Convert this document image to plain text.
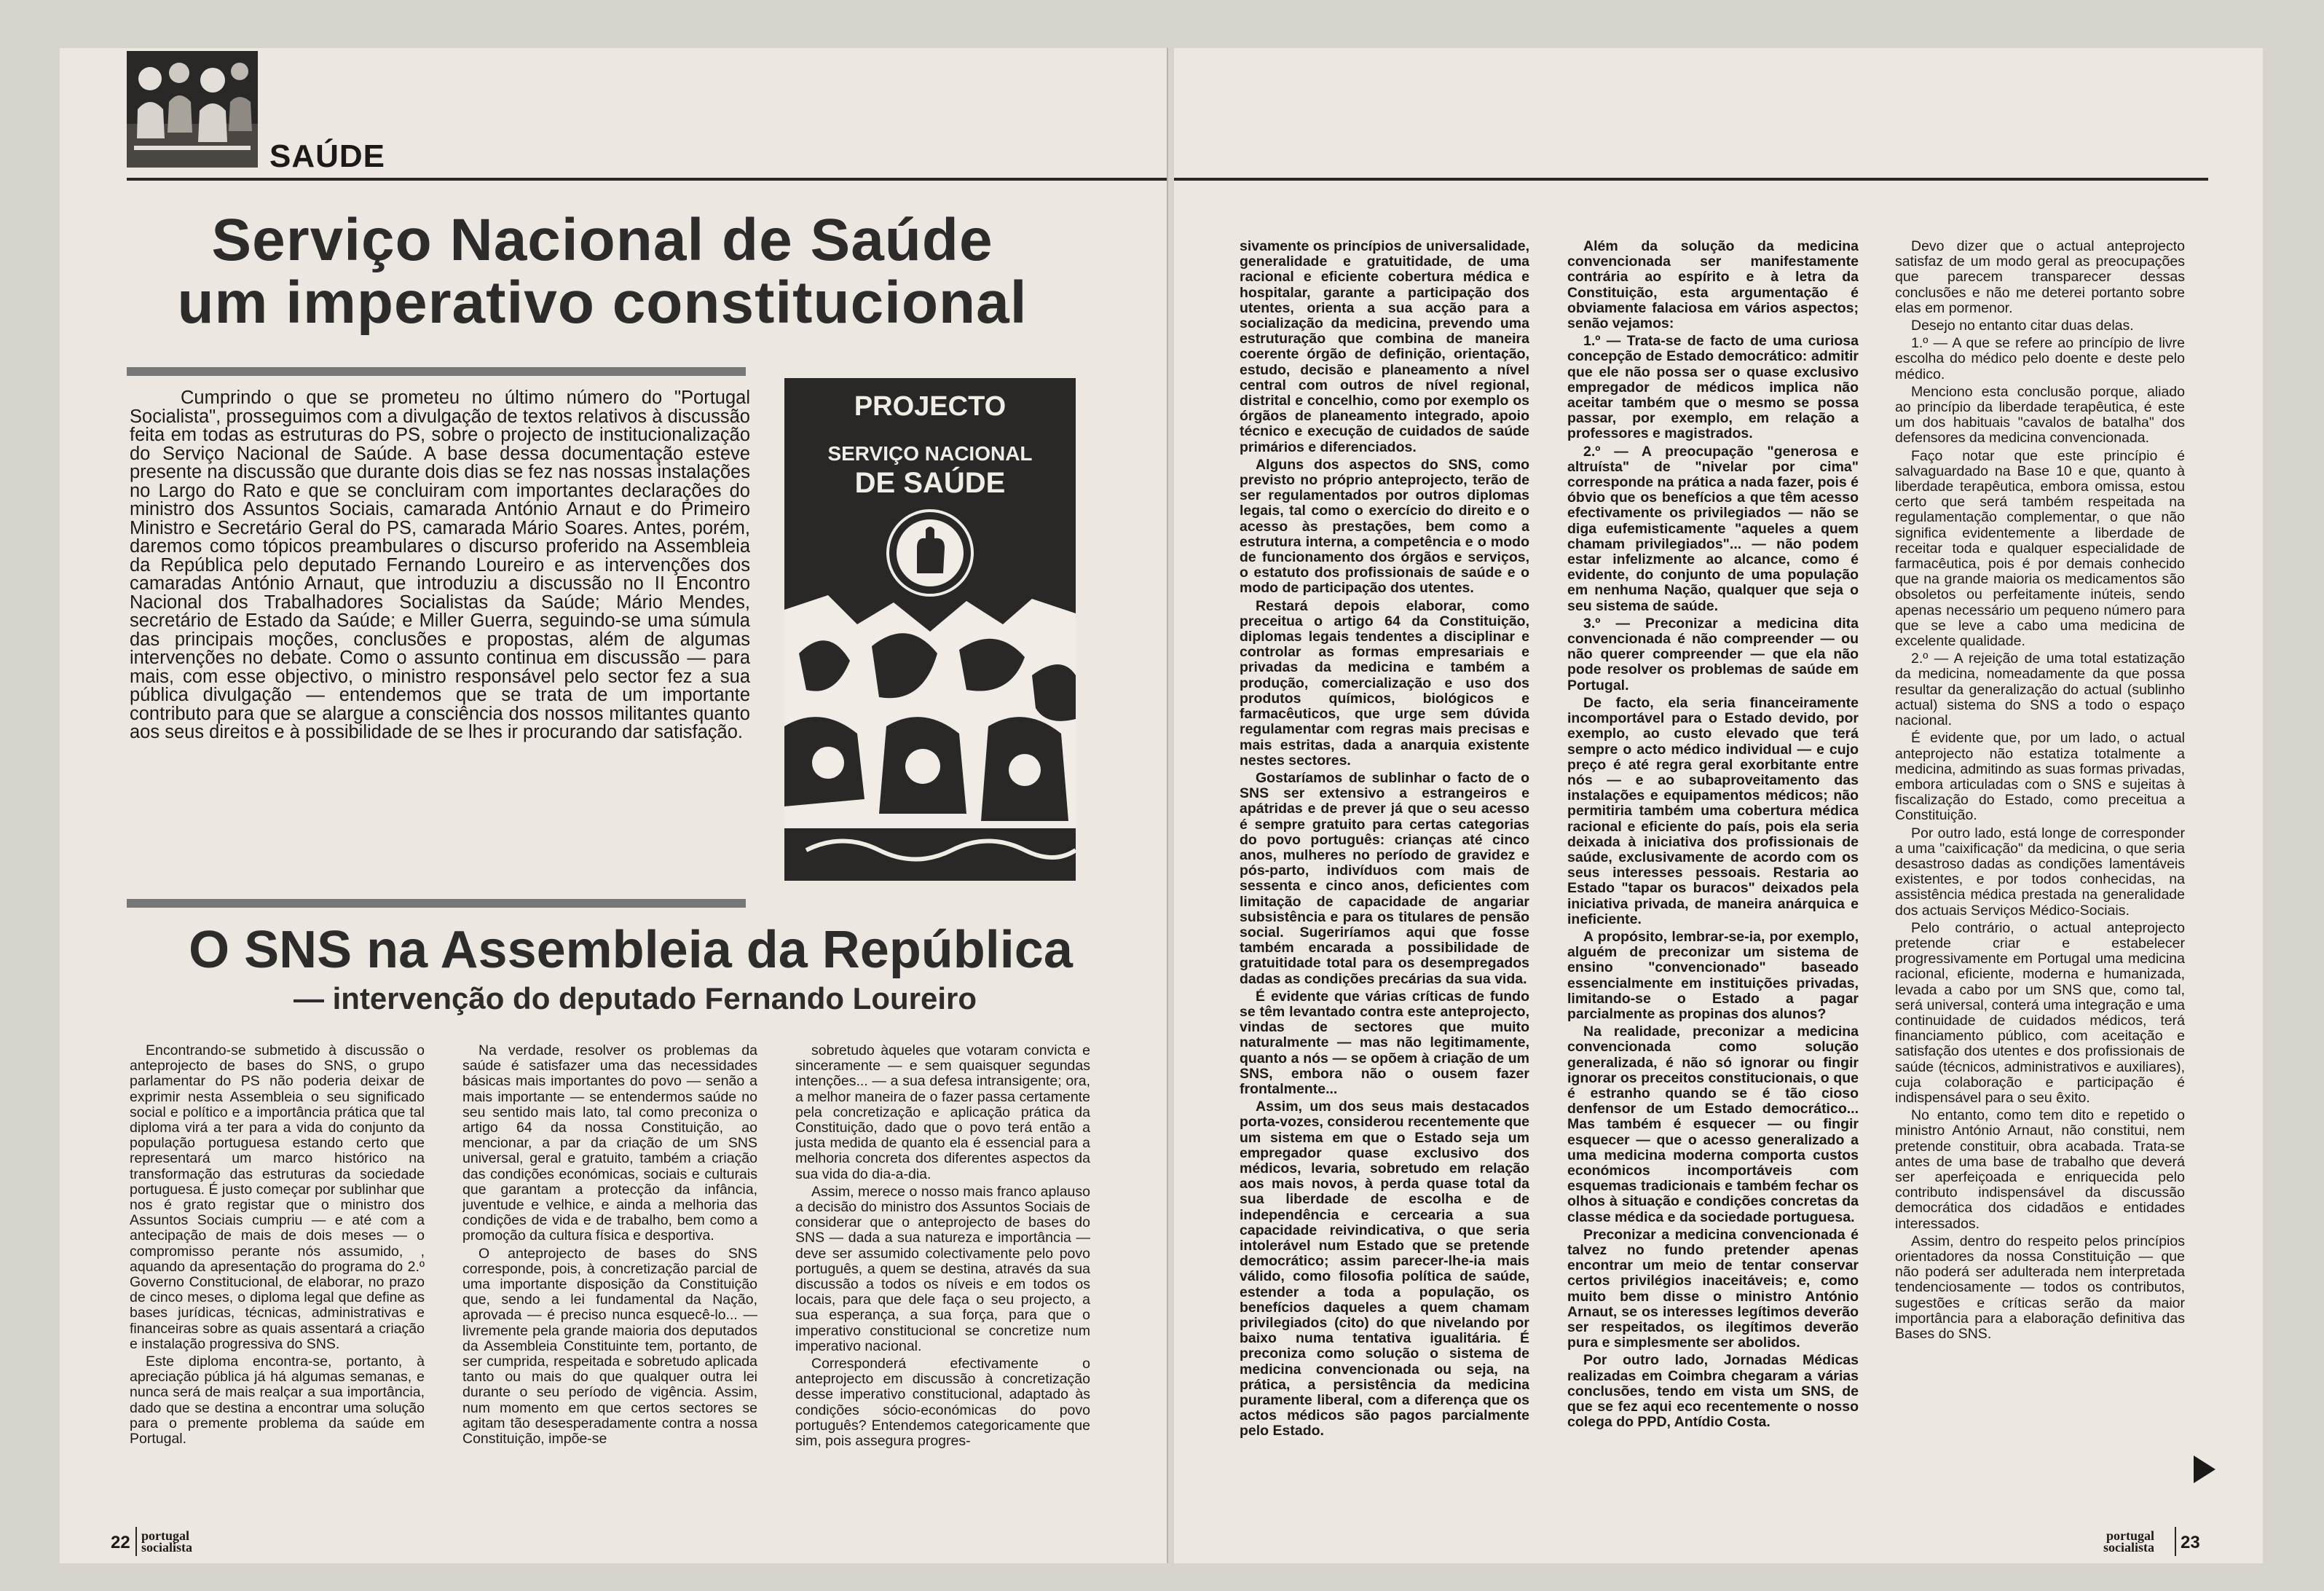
SAÚDE
Serviço Nacional de Saúde
um imperativo constitucional
Cumprindo o que se prometeu no último número do "Portugal Socialista", prosseguimos com a divulgação de textos relativos à discussão feita em todas as estruturas do PS, sobre o projecto de institucionalização do Serviço Nacional de Saúde. A base dessa documentação esteve presente na discussão que durante dois dias se fez nas nossas instalações no Largo do Rato e que se concluiram com importantes declarações do ministro dos Assuntos Sociais, camarada António Arnaut e do Primeiro Ministro e Secretário Geral do PS, camarada Mário Soares. Antes, porém, daremos como tópicos preambulares o discurso proferido na Assembleia da República pelo deputado Fernando Loureiro e as intervenções dos camaradas António Arnaut, que introduziu a discussão no II Encontro Nacional dos Trabalhadores Socialistas da Saúde; Mário Mendes, secretário de Estado da Saúde; e Miller Guerra, seguindo-se uma súmula das principais moções, conclusões e propostas, além de algumas intervenções no debate. Como o assunto continua em discussão — para mais, com esse objectivo, o ministro responsável pelo sector fez a sua pública divulgação — entendemos que se trata de um importante contributo para que se alargue a consciência dos nossos militantes quanto aos seus direitos e à possibilidade de se lhes ir procurando dar satisfação.
PROJECTO
SERVIÇO NACIONAL
DE SAÚDE
O SNS na Assembleia da República
— intervenção do deputado Fernando Loureiro

Encontrando-se submetido à discussão o anteprojecto de bases do SNS, o grupo parlamentar do PS não poderia deixar de exprimir nesta Assembleia o seu significado social e político e a importância prática que tal diploma virá a ter para a vida do conjunto da população portuguesa estando certo que representará um marco histórico na transformação das estruturas da sociedade portuguesa. É justo começar por sublinhar que nos é grato registar que o ministro dos Assuntos Sociais cumpriu — e até com a antecipação de mais de dois meses — o compromisso perante nós assumido, , aquando da apresentação do programa do 2.º Governo Constitucional, de elaborar, no prazo de cinco meses, o diploma legal que define as bases jurídicas, técnicas, administrativas e financeiras sobre as quais assentará a criação e instalação progressiva do SNS.

Este diploma encontra-se, portanto, à apreciação pública já há algumas semanas, e nunca será de mais realçar a sua importância, dado que se destina a encontrar uma solução para o premente problema da saúde em Portugal.

Na verdade, resolver os problemas da saúde é satisfazer uma das necessidades básicas mais importantes do povo — senão a mais importante — se entendermos saúde no seu sentido mais lato, tal como preconiza o artigo 64 da nossa Constituição, ao mencionar, a par da criação de um SNS universal, geral e gratuito, também a criação das condições económicas, sociais e culturais que garantam a protecção da infância, juventude e velhice, e ainda a melhoria das condições de vida e de trabalho, bem como a promoção da cultura física e desportiva.

O anteprojecto de bases do SNS corresponde, pois, à concretização parcial de uma importante disposição da Constituição que, sendo a lei fundamental da Nação, aprovada — é preciso nunca esquecê-lo... — livremente pela grande maioria dos deputados da Assembleia Constituinte tem, portanto, de ser cumprida, respeitada e sobretudo aplicada tanto ou mais do que qualquer outra lei durante o seu período de vigência. Assim, num momento em que certos sectores se agitam tão desesperadamente contra a nossa Constituição, impõe-se

sobretudo àqueles que votaram convicta e sinceramente — e sem quaisquer segundas intenções... — a sua defesa intransigente; ora, a melhor maneira de o fazer passa certamente pela concretização e aplicação prática da Constituição, dado que o povo terá então a justa medida de quanto ela é essencial para a melhoria concreta dos diferentes aspectos da sua vida do dia-a-dia.

Assim, merece o nosso mais franco aplauso a decisão do ministro dos Assuntos Sociais de considerar que o anteprojecto de bases do SNS — dada a sua natureza e importância — deve ser assumido colectivamente pelo povo português, a quem se destina, através da sua discussão a todos os níveis e em todos os locais, para que dele faça o seu projecto, a sua esperança, a sua força, para que o imperativo constitucional se concretize num imperativo nacional.

Corresponderá efectivamente o anteprojecto em discussão à concretização desse imperativo constitucional, adaptado às condições sócio-económicas do povo português? Entendemos categoricamente que sim, pois assegura progres-

22 portugal
socialista

sivamente os princípios de universalidade, generalidade e gratuitidade, de uma racional e eficiente cobertura médica e hospitalar, garante a participação dos utentes, orienta a sua acção para a socialização da medicina, prevendo uma estruturação que combina de maneira coerente órgão de definição, orientação, estudo, decisão e planeamento a nível central com outros de nível regional, distrital e concelhio, como por exemplo os órgãos de planeamento integrado, apoio técnico e execução de cuidados de saúde primários e diferenciados.

Alguns dos aspectos do SNS, como previsto no próprio anteprojecto, terão de ser regulamentados por outros diplomas legais, tal como o exercício do direito e o acesso às prestações, bem como a estrutura interna, a competência e o modo de funcionamento dos órgãos e serviços, o estatuto dos profissionais de saúde e o modo de participação dos utentes.

Restará depois elaborar, como preceitua o artigo 64 da Constituição, diplomas legais tendentes a disciplinar e controlar as formas empresariais e privadas da medicina e também a produção, comercialização e uso dos produtos químicos, biológicos e farmacêuticos, que urge sem dúvida regulamentar com regras mais precisas e mais estritas, dada a anarquia existente nestes sectores.

Gostaríamos de sublinhar o facto de o SNS ser extensivo a estrangeiros e apátridas e de prever já que o seu acesso é sempre gratuito para certas categorias do povo português: crianças até cinco anos, mulheres no período de gravidez e pós-parto, indivíduos com mais de sessenta e cinco anos, deficientes com limitação de capacidade de angariar subsistência e para os titulares de pensão social. Sugeriríamos aqui que fosse também encarada a possibilidade de gratuitidade total para os desempregados dadas as condições precárias da sua vida.

É evidente que várias críticas de fundo se têm levantado contra este anteprojecto, vindas de sectores que muito naturalmente — mas não legitimamente, quanto a nós — se opõem à criação de um SNS, embora não o ousem fazer frontalmente...

Assim, um dos seus mais destacados porta-vozes, considerou recentemente que um sistema em que o Estado seja um empregador quase exclusivo dos médicos, levaria, sobretudo em relação aos mais novos, à perda quase total da sua liberdade de escolha e de independência e cercearia a sua capacidade reivindicativa, o que seria intolerável num Estado que se pretende democrático; assim parecer-lhe-ia mais válido, como filosofia política de saúde, estender a toda a população, os benefícios daqueles a quem chamam privilegiados (cito) do que nivelando por baixo numa tentativa igualitária. É preconiza como solução o sistema de medicina convencionada ou seja, na prática, a persistência da medicina puramente liberal, com a diferença que os actos médicos são pagos parcialmente pelo Estado.

Além da solução da medicina convencionada ser manifestamente contrária ao espírito e à letra da Constituição, esta argumentação é obviamente falaciosa em vários aspectos; senão vejamos:

1.º — Trata-se de facto de uma curiosa concepção de Estado democrático: admitir que ele não possa ser o quase exclusivo empregador de médicos implica não aceitar também que o mesmo se possa passar, por exemplo, em relação a professores e magistrados.

2.º — A preocupação "generosa e altruísta" de "nivelar por cima" corresponde na prática a nada fazer, pois é óbvio que os benefícios a que têm acesso efectivamente os privilegiados — não se diga eufemisticamente "aqueles a quem chamam privilegiados"... — não podem estar infelizmente ao alcance, como é evidente, do conjunto de uma população em nenhuma Nação, qualquer que seja o seu sistema de saúde.

3.º — Preconizar a medicina dita convencionada é não compreender — ou não querer compreender — que ela não pode resolver os problemas de saúde em Portugal.

De facto, ela seria financeiramente incomportável para o Estado devido, por exemplo, ao custo elevado que terá sempre o acto médico individual — e cujo preço é até regra geral exorbitante entre nós — e ao subaproveitamento das instalações e equipamentos médicos; não permitiria também uma cobertura médica racional e eficiente do país, pois ela seria deixada à iniciativa dos profissionais de saúde, exclusivamente de acordo com os seus interesses pessoais. Restaria ao Estado "tapar os buracos" deixados pela iniciativa privada, de maneira anárquica e ineficiente.

A propósito, lembrar-se-ia, por exemplo, alguém de preconizar um sistema de ensino "convencionado" baseado essencialmente em instituições privadas, limitando-se o Estado a pagar parcialmente as propinas dos alunos?

Na realidade, preconizar a medicina convencionada como solução generalizada, é não só ignorar ou fingir ignorar os preceitos constitucionais, o que é estranho quando se é tão cioso denfensor de um Estado democrático... Mas também é esquecer — ou fingir esquecer — que o acesso generalizado a uma medicina moderna comporta custos económicos incomportáveis com esquemas tradicionais e também fechar os olhos à situação e condições concretas da classe médica e da sociedade portuguesa.

Preconizar a medicina convencionada é talvez no fundo pretender apenas encontrar um meio de tentar conservar certos privilégios inaceitáveis; e, como muito bem disse o ministro António Arnaut, se os interesses legítimos deverão ser respeitados, os ilegítimos deverão pura e simplesmente ser abolidos.

Por outro lado, Jornadas Médicas realizadas em Coimbra chegaram a várias conclusões, tendo em vista um SNS, de que se fez aqui eco recentemente o nosso colega do PPD, Antídio Costa.

Devo dizer que o actual anteprojecto satisfaz de um modo geral as preocupações que parecem transparecer dessas conclusões e não me deterei portanto sobre elas em pormenor.

Desejo no entanto citar duas delas.

1.º — A que se refere ao princípio de livre escolha do médico pelo doente e deste pelo médico.

Menciono esta conclusão porque, aliado ao princípio da liberdade terapêutica, é este um dos habituais "cavalos de batalha" dos defensores da medicina convencionada.

Faço notar que este princípio é salvaguardado na Base 10 e que, quanto à liberdade terapêutica, embora omissa, estou certo que será também respeitada na regulamentação complementar, o que não significa evidentemente a liberdade de receitar toda e qualquer especialidade de farmacêutica, pois é por demais conhecido que na grande maioria os medicamentos são obsoletos ou perfeitamente inúteis, sendo apenas necessário um pequeno número para que se leve a cabo uma medicina de excelente qualidade.

2.º — A rejeição de uma total estatização da medicina, nomeadamente da que possa resultar da generalização do actual (sublinho actual) sistema do SNS a todo o espaço nacional.

É evidente que, por um lado, o actual anteprojecto não estatiza totalmente a medicina, admitindo as suas formas privadas, embora articuladas com o SNS e sujeitas à fiscalização do Estado, como preceitua a Constituição.

Por outro lado, está longe de corresponder a uma "caixificação" da medicina, o que seria desastroso dadas as condições lamentáveis existentes, e por todos conhecidas, na assistência médica prestada na generalidade dos actuais Serviços Médico-Sociais.

Pelo contrário, o actual anteprojecto pretende criar e estabelecer progressivamente em Portugal uma medicina racional, eficiente, moderna e humanizada, levada a cabo por um SNS que, como tal, será universal, conterá uma integração e uma continuidade de cuidados médicos, terá financiamento público, com aceitação e satisfação dos utentes e dos profissionais de saúde (técnicos, administrativos e auxiliares), cuja colaboração e participação é indispensável para o seu êxito.

No entanto, como tem dito e repetido o ministro António Arnaut, não constitui, nem pretende constituir, obra acabada. Trata-se antes de uma base de trabalho que deverá ser aperfeiçoada e enriquecida pelo contributo indispensável da discussão democrática dos cidadãos e entidades interessados.

Assim, dentro do respeito pelos princípios orientadores da nossa Constituição — que não poderá ser adulterada nem interpretada tendenciosamente — todos os contributos, sugestões e críticas serão da maior importância para a elaboração definitiva das Bases do SNS.

portugal
socialista 23
